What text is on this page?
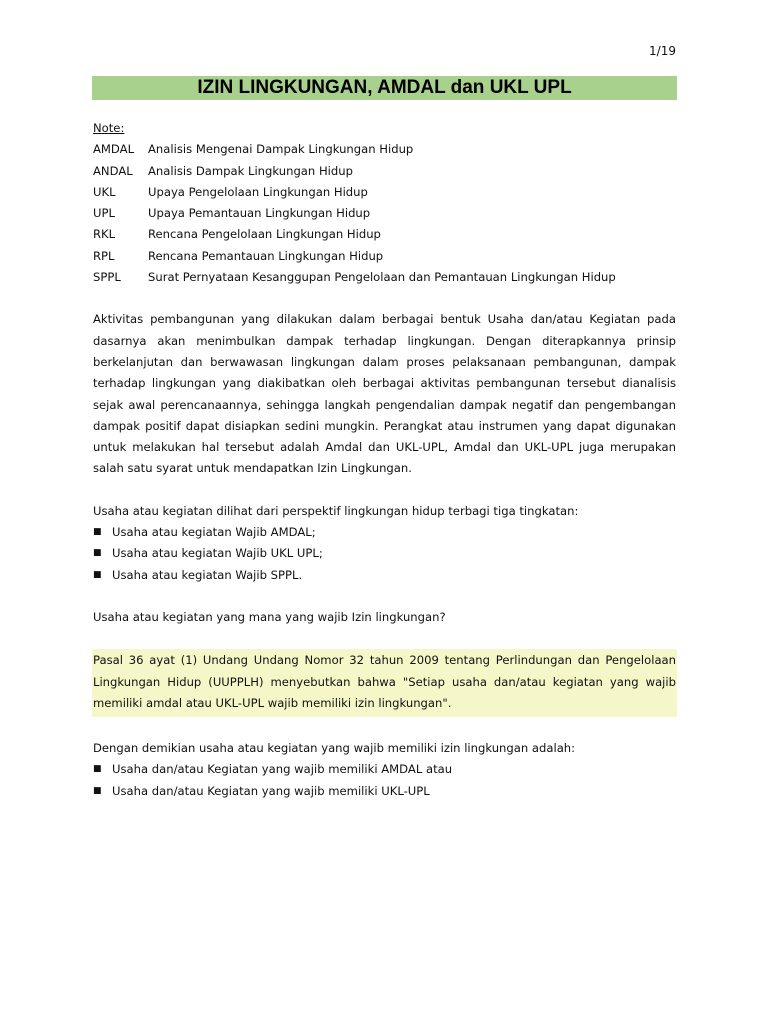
1/19
IZIN LINGKUNGAN, AMDAL dan UKL UPL
Note:
AMDAL	Analisis Mengenai Dampak Lingkungan Hidup
ANDAL	Analisis Dampak Lingkungan Hidup
UKL	Upaya Pengelolaan Lingkungan Hidup
UPL	Upaya Pemantauan Lingkungan Hidup
RKL	Rencana Pengelolaan Lingkungan Hidup
RPL	Rencana Pemantauan Lingkungan Hidup
SPPL	Surat Pernyataan Kesanggupan Pengelolaan dan Pemantauan Lingkungan Hidup

Aktivitas pembangunan yang dilakukan dalam berbagai bentuk Usaha dan/atau Kegiatan pada dasarnya akan menimbulkan dampak terhadap lingkungan. Dengan diterapkannya prinsip berkelanjutan dan berwawasan lingkungan dalam proses pelaksanaan pembangunan, dampak terhadap lingkungan yang diakibatkan oleh berbagai aktivitas pembangunan tersebut dianalisis sejak awal perencanaannya, sehingga langkah pengendalian dampak negatif dan pengembangan dampak positif dapat disiapkan sedini mungkin. Perangkat atau instrumen yang dapat digunakan untuk melakukan hal tersebut adalah Amdal dan UKL-UPL, Amdal dan UKL-UPL juga merupakan salah satu syarat untuk mendapatkan Izin Lingkungan.

Usaha atau kegiatan dilihat dari perspektif lingkungan hidup terbagi tiga tingkatan:
■ Usaha atau kegiatan Wajib AMDAL;
■ Usaha atau kegiatan Wajib UKL UPL;
■ Usaha atau kegiatan Wajib SPPL.
Usaha atau kegiatan yang mana yang wajib Izin lingkungan?

Pasal 36 ayat (1) Undang Undang Nomor 32 tahun 2009 tentang Perlindungan dan Pengelolaan Lingkungan Hidup (UUPPLH) menyebutkan bahwa "Setiap usaha dan/atau kegiatan yang wajib memiliki amdal atau UKL-UPL wajib memiliki izin lingkungan".

Dengan demikian usaha atau kegiatan yang wajib memiliki izin lingkungan adalah:
■ Usaha dan/atau Kegiatan yang wajib memiliki AMDAL atau
■ Usaha dan/atau Kegiatan yang wajib memiliki UKL-UPL
